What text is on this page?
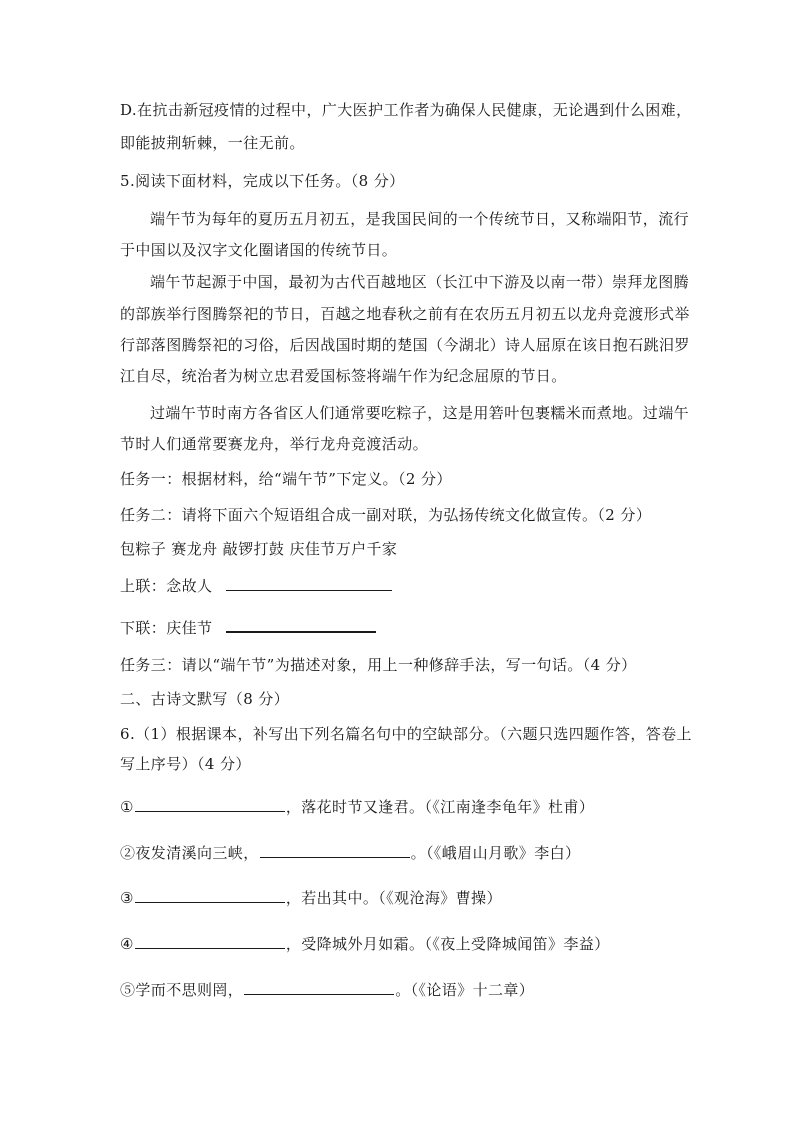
D.在抗击新冠疫情的过程中，广大医护工作者为确保人民健康，无论遇到什么困难，
即能披荆斩棘，一往无前。
5.阅读下面材料，完成以下任务。（8 分）
端午节为每年的夏历五月初五，是我国民间的一个传统节日，又称端阳节，流行
于中国以及汉字文化圈诸国的传统节日。
端午节起源于中国，最初为古代百越地区（长江中下游及以南一带）崇拜龙图腾
的部族举行图腾祭祀的节日，百越之地春秋之前有在农历五月初五以龙舟竞渡形式举
行部落图腾祭祀的习俗，后因战国时期的楚国（今湖北）诗人屈原在该日抱石跳汨罗
江自尽，统治者为树立忠君爱国标签将端午作为纪念屈原的节日。
过端午节时南方各省区人们通常要吃粽子，这是用箬叶包裹糯米而煮地。过端午
节时人们通常要赛龙舟，举行龙舟竞渡活动。
任务一：根据材料，给“端午节”下定义。（2 分）
任务二：请将下面六个短语组合成一副对联，为弘扬传统文化做宣传。（2 分）
包粽子 赛龙舟 敲锣打鼓 庆佳节万户千家
上联：念故人
下联：庆佳节
任务三：请以“端午节”为描述对象，用上一种修辞手法，写一句话。（4 分）
二、古诗文默写（8 分）
6.（1）根据课本，补写出下列名篇名句中的空缺部分。（六题只选四题作答，答卷上
写上序号）（4 分）
①	，落花时节又逢君。（《江南逢李龟年》杜甫）
②夜发清溪向三峡，	。（《峨眉山月歌》李白）
③	，若出其中。（《观沧海》曹操）
④	，受降城外月如霜。（《夜上受降城闻笛》李益）
⑤学而不思则罔，	。（《论语》十二章）
